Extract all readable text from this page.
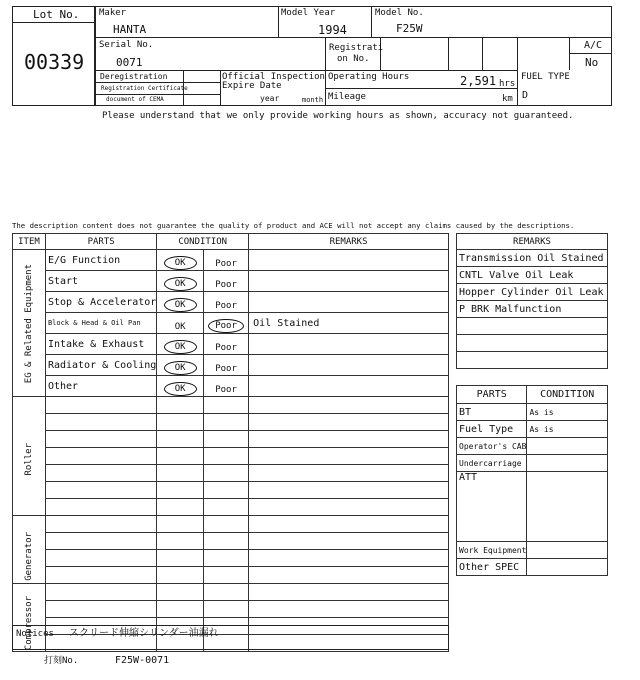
Lot No.
00339
Maker
HANTA
Model Year
1994
Model No.
F25W
Serial No.
0071
Registrati
on No.
A/C
No
Deregistration
Registration Certificate
document of CEMA
Official Inspection
Expire Date
year	month
Operating Hours	2,591 hrs
Mileage	km
FUEL TYPE
D
Please understand that we only provide working hours as shown, accuracy not guaranteed.
The description content does not guarantee the quality of product and ACE will not accept any claims caused by the descriptions.
ITEM	PARTS	CONDITION		REMARKS

EG & Related Equipment	E/G Function	OK	Poor	
	Start	OK	Poor	
	Stop & Accelerator	OK	Poor	
	Block & Head & Oil Pan	OK	Poor	Oil Stained
	Intake & Exhaust	OK	Poor	
	Radiator & Cooling	OK	Poor	
	Other	OK	Poor	

Roller				

Generator				

Compressor				

REMARKS
Transmission Oil Stained
CNTL Valve Oil Leak
Hopper Cylinder Oil Leak
P BRK Malfunction

PARTS	CONDITION
BT	As is
Fuel Type	As is
Operator's CAB	
Undercarriage	
ATT	
Work Equipment	
Other SPEC	
Notices スクリード伸縮シリンダー油漏れ
打刻No.	F25W-0071
